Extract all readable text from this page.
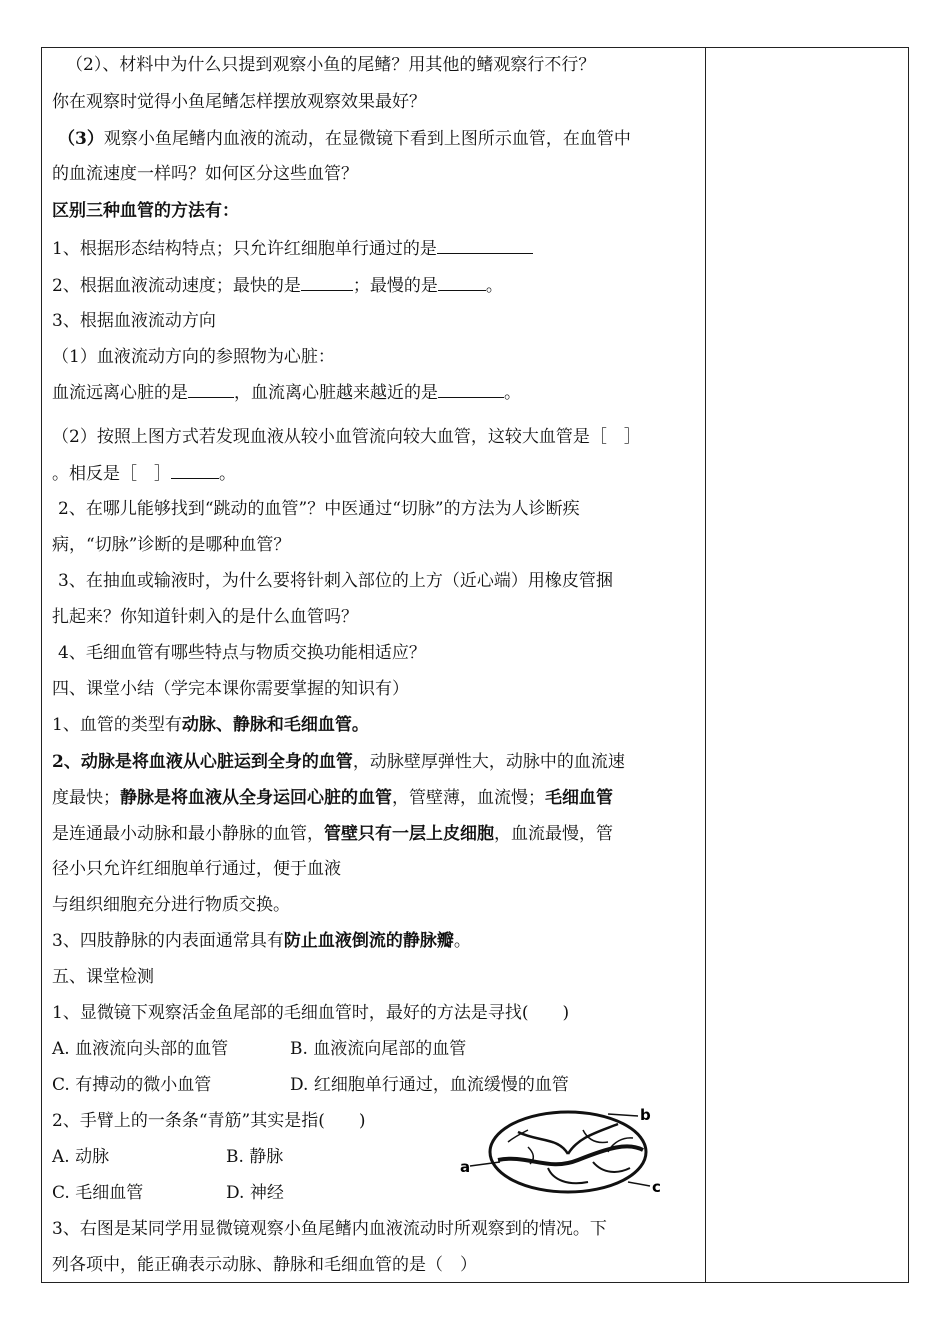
（2）、材料中为什么只提到观察小鱼的尾鳍？用其他的鳍观察行不行？
你在观察时觉得小鱼尾鳍怎样摆放观察效果最好？
（3）观察小鱼尾鳍内血液的流动，在显微镜下看到上图所示血管，在血管中
的血流速度一样吗？如何区分这些血管？
区别三种血管的方法有：
1、根据形态结构特点；只允许红细胞单行通过的是
2、根据血液流动速度；最快的是	；最慢的是	。
3、根据血液流动方向
（1）血液流动方向的参照物为心脏：
血流远离心脏的是	，血流离心脏越来越近的是	。
（2）按照上图方式若发现血液从较小血管流向较大血管，这较大血管是［　］
。相反是［　］	。
2、在哪儿能够找到“跳动的血管”？中医通过“切脉”的方法为人诊断疾
病，“切脉”诊断的是哪种血管？
3、在抽血或输液时，为什么要将针刺入部位的上方（近心端）用橡皮管捆
扎起来？你知道针刺入的是什么血管吗？
4、毛细血管有哪些特点与物质交换功能相适应？
四、课堂小结（学完本课你需要掌握的知识有）
1、血管的类型有动脉、静脉和毛细血管。
2、动脉是将血液从心脏运到全身的血管，动脉壁厚弹性大，动脉中的血流速
度最快；静脉是将血液从全身运回心脏的血管，管壁薄，血流慢；毛细血管
是连通最小动脉和最小静脉的血管，管壁只有一层上皮细胞，血流最慢，管
径小只允许红细胞单行通过，便于血液
与组织细胞充分进行物质交换。
3、四肢静脉的内表面通常具有防止血液倒流的静脉瓣。
五、课堂检测
1、显微镜下观察活金鱼尾部的毛细血管时，最好的方法是寻找(　　)
A. 血液流向头部的血管	B. 血液流向尾部的血管
C. 有搏动的微小血管	D. 红细胞单行通过，血流缓慢的血管
2、手臂上的一条条“青筋”其实是指(　　)
A. 动脉	B. 静脉
C. 毛细血管	D. 神经
3、右图是某同学用显微镜观察小鱼尾鳍内血液流动时所观察到的情况。下
列各项中，能正确表示动脉、静脉和毛细血管的是（　）
a
b
c
